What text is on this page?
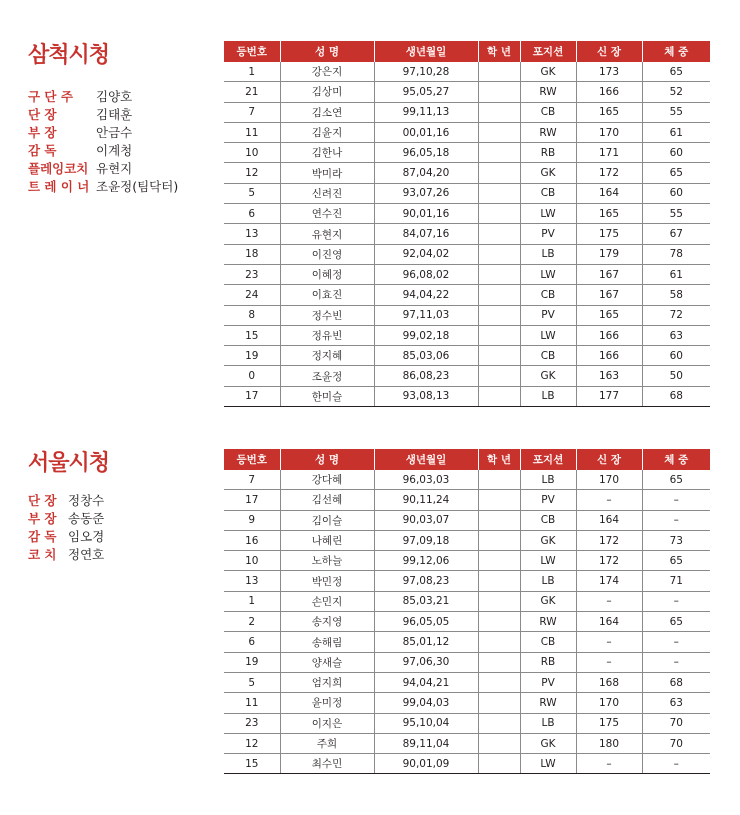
삼척시청
구 단 주 김양호
단 장	김태훈
부 장	안금수
감 독	이계청
플레잉코치 유현지
트 레 이 너 조윤정(팀닥터)
등번호	성 명	생년월일	학 년	포지션	신 장	체 중
1	강은지	97,10,28		GK	173	65
21	김상미	95,05,27		RW	166	52
7	김소연	99,11,13		CB	165	55
11	김윤지	00,01,16		RW	170	61
10	김한나	96,05,18		RB	171	60
12	박미라	87,04,20		GK	172	65
5	신려진	93,07,26		CB	164	60
6	연수진	90,01,16		LW	165	55
13	유현지	84,07,16		PV	175	67
18	이진영	92,04,02		LB	179	78
23	이혜정	96,08,02		LW	167	61
24	이효진	94,04,22		CB	167	58
8	정수빈	97,11,03		PV	165	72
15	정유빈	99,02,18		LW	166	63
19	정지혜	85,03,06		CB	166	60
0	조윤정	86,08,23		GK	163	50
17	한미슬	93,08,13		LB	177	68
서울시청
단 장 정창수
부 장 송동준
감 독 임오경
코 치 정연호
등번호	성 명	생년월일	학 년	포지션	신 장	체 중
7	강다혜	96,03,03		LB	170	65
17	김선혜	90,11,24		PV	–	–
9	김이슬	90,03,07		CB	164	–
16	나혜린	97,09,18		GK	172	73
10	노하늘	99,12,06		LW	172	65
13	박민정	97,08,23		LB	174	71
1	손민지	85,03,21		GK	–	–
2	송지영	96,05,05		RW	164	65
6	송해림	85,01,12		CB	–	–
19	양새슬	97,06,30		RB	–	–
5	엄지희	94,04,21		PV	168	68
11	윤미정	99,04,03		RW	170	63
23	이지은	95,10,04		LB	175	70
12	주희	89,11,04		GK	180	70
15	최수민	90,01,09		LW	–	–
